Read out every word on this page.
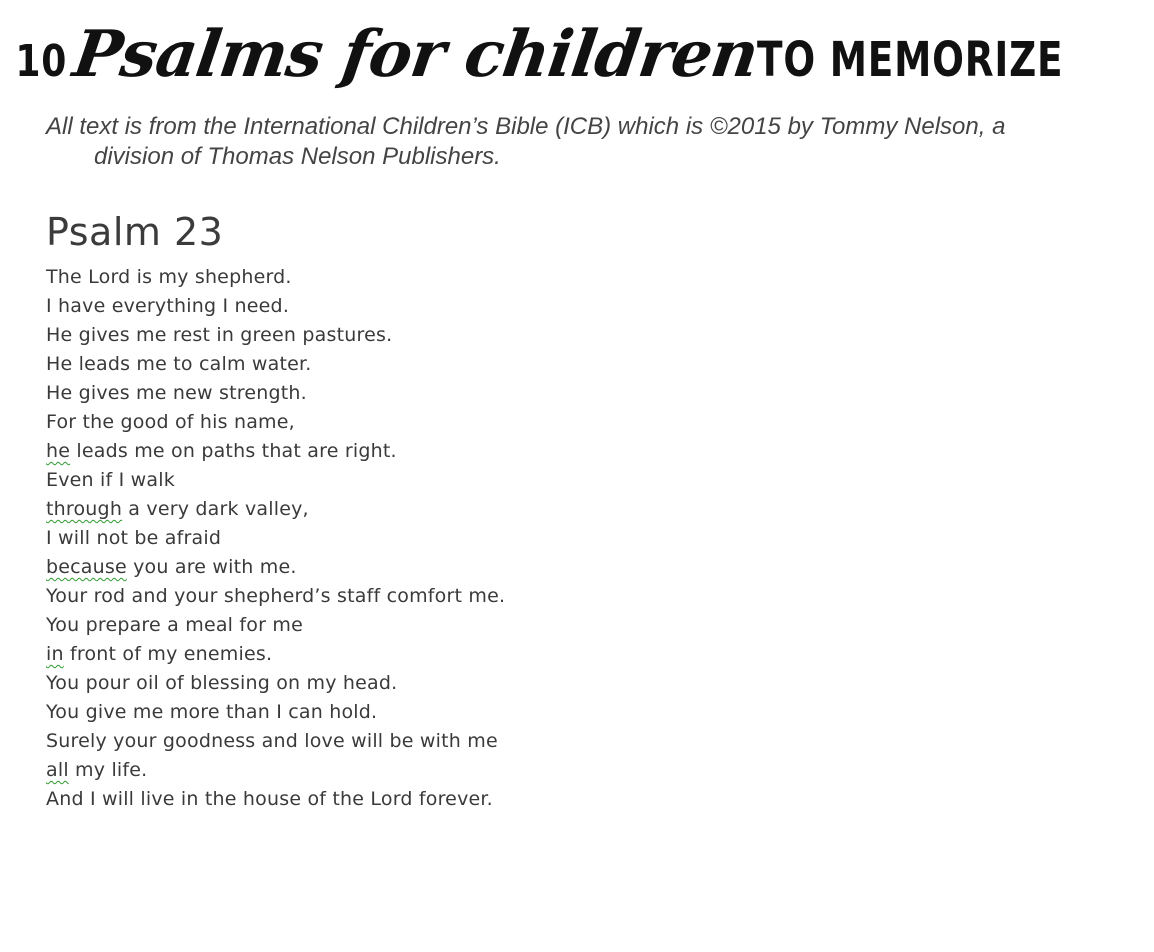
10Psalms for childrenTO MEMORIZE

All text is from the International Children’s Bible (ICB) which is ©2015 by Tommy Nelson, a division of Thomas Nelson Publishers.

Psalm 23
The Lord is my shepherd.
I have everything I need.
He gives me rest in green pastures.
He leads me to calm water.
He gives me new strength.
For the good of his name,
he leads me on paths that are right.
Even if I walk
through a very dark valley,
I will not be afraid
because you are with me.
Your rod and your shepherd’s staff comfort me.
You prepare a meal for me
in front of my enemies.
You pour oil of blessing on my head.
You give me more than I can hold.
Surely your goodness and love will be with me
all my life.
And I will live in the house of the Lord forever.
